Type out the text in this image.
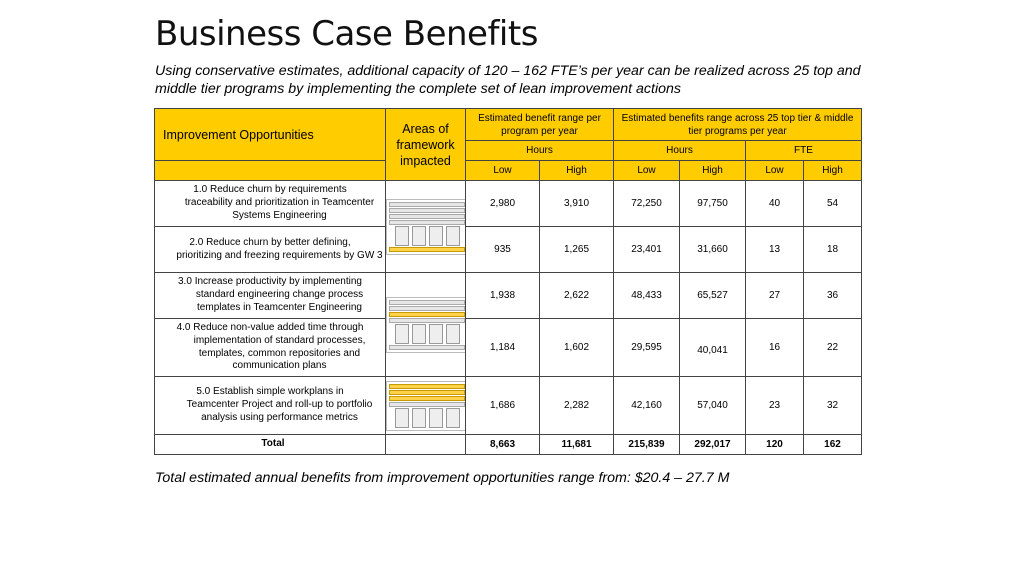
Business Case Benefits
Using conservative estimates, additional capacity of 120 – 162 FTE’s per year can be realized across 25 top and middle tier programs by implementing the complete set of lean improvement actions
Improvement Opportunities	Areas of framework impacted	Estimated benefit range per program per year		Estimated benefits range across 25 top tier & middle tier programs per year			
		Hours		Hours		FTE	
		Low	High	Low	High	Low	High

1.0 Reduce churn by requirements
traceability and prioritization in Teamcenter Systems Engineering		2,980	3,910	72,250	97,750	40	54

2.0 Reduce churn by better defining,
prioritizing and freezing requirements by GW 3		935	1,265	23,401	31,660	13	18

3.0 Increase productivity by implementing
standard engineering change process templates in Teamcenter Engineering		1,938	2,622	48,433	65,527	27	36

4.0 Reduce non-value added time through
implementation of standard processes, templates, common repositories and communication plans		1,184	1,602	29,595	40,041	16	22

5.0 Establish simple workplans in
Teamcenter Project and roll-up to portfolio analysis using performance metrics		1,686	2,282	42,160	57,040	23	32
Total		8,663	11,681	215,839	292,017	120	162
Total estimated annual benefits from improvement opportunities range from: $20.4 – 27.7 M
